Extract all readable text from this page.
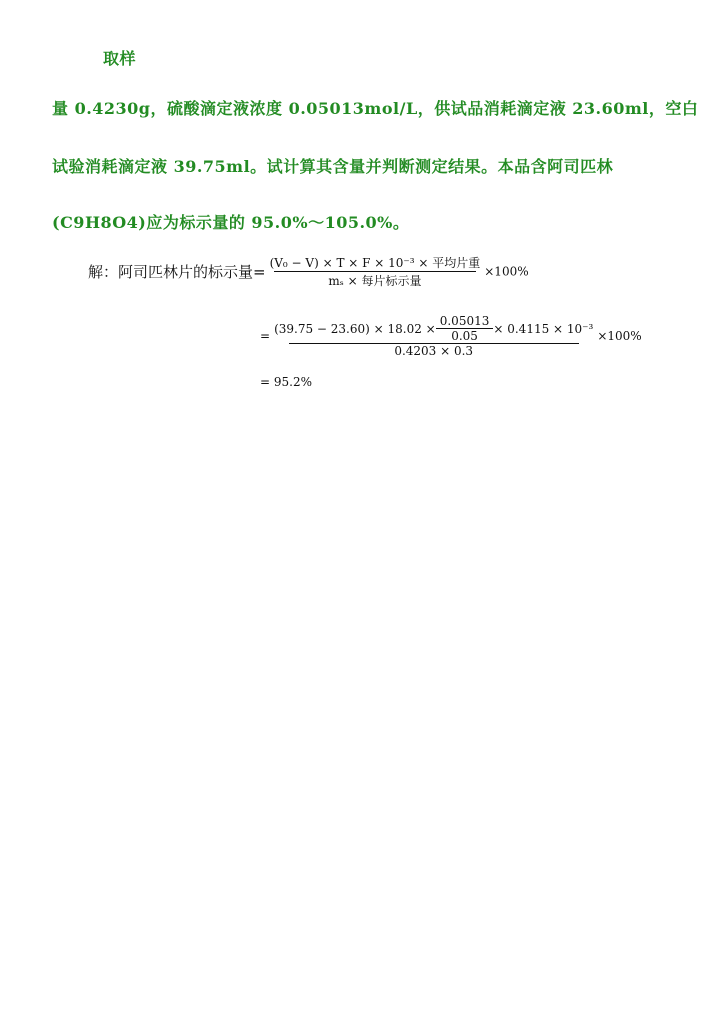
取样
量 0.4230g，硫酸滴定液浓度 0.05013mol/L，供试品消耗滴定液 23.60ml，空白
试验消耗滴定液 39.75ml。试计算其含量并判断测定结果。本品含阿司匹林
(C9H8O4)应为标示量的 95.0%～105.0%。
解：阿司匹林片的标示量= $\frac{\text{(V₀ − V) × T × F × 10⁻³ × 平均片重}}{\text{mₛ × 每片标示量}} \times 100\%$
=
$(39.75 - 23.60) \times 18.02 \times \frac{0.05013}{0.05} \times 0.4115 \times 10^{-3}$
0.4203 × 0.3
×100%
= 95.2%
